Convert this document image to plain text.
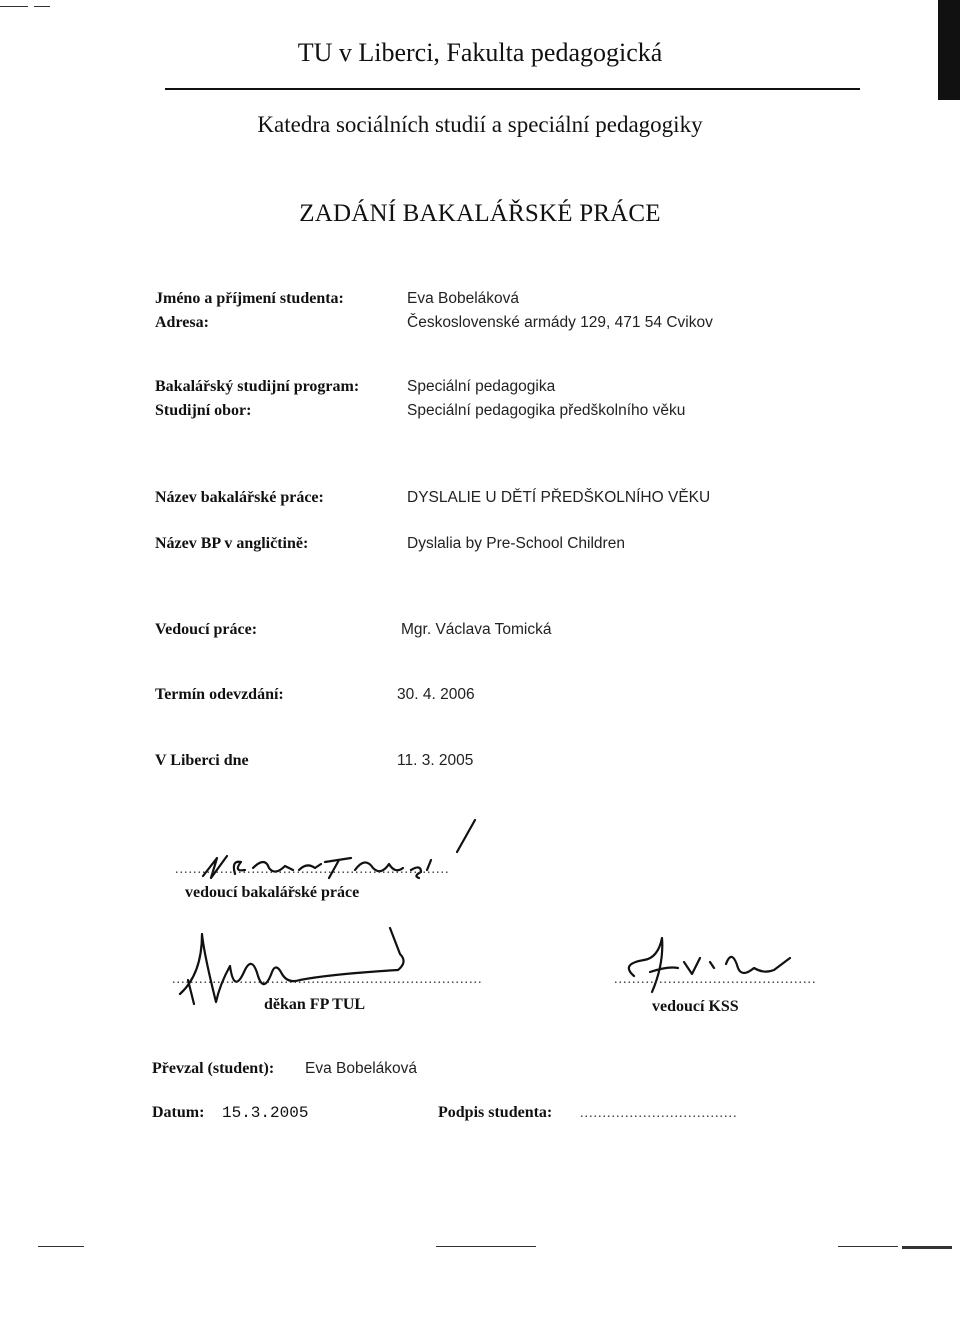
TU v Liberci, Fakulta pedagogická
Katedra sociálních studií a speciální pedagogiky
ZADÁNÍ BAKALÁŘSKÉ PRÁCE
Jméno a příjmení studenta:	Eva Bobeláková
Adresa:	Československé armády 129, 471 54 Cvikov
Bakalářský studijní program:	Speciální pedagogika
Studijní obor:	Speciální pedagogika předškolního věku
Název bakalářské práce:	DYSLALIE U DĚTÍ PŘEDŠKOLNÍHO VĚKU
Název BP v angličtině:	Dyslalia by Pre-School Children
Vedoucí práce:	Mgr. Václava Tomická
Termín odevzdání:	30. 4. 2006
V Liberci dne	11. 3. 2005
.............................................................
vedoucí bakalářské práce
.....................................................................
děkan FP TUL
.............................................
vedoucí KSS
Převzal (student): Eva Bobeláková
Datum: 15.3.2005	Podpis studenta: ...................................
